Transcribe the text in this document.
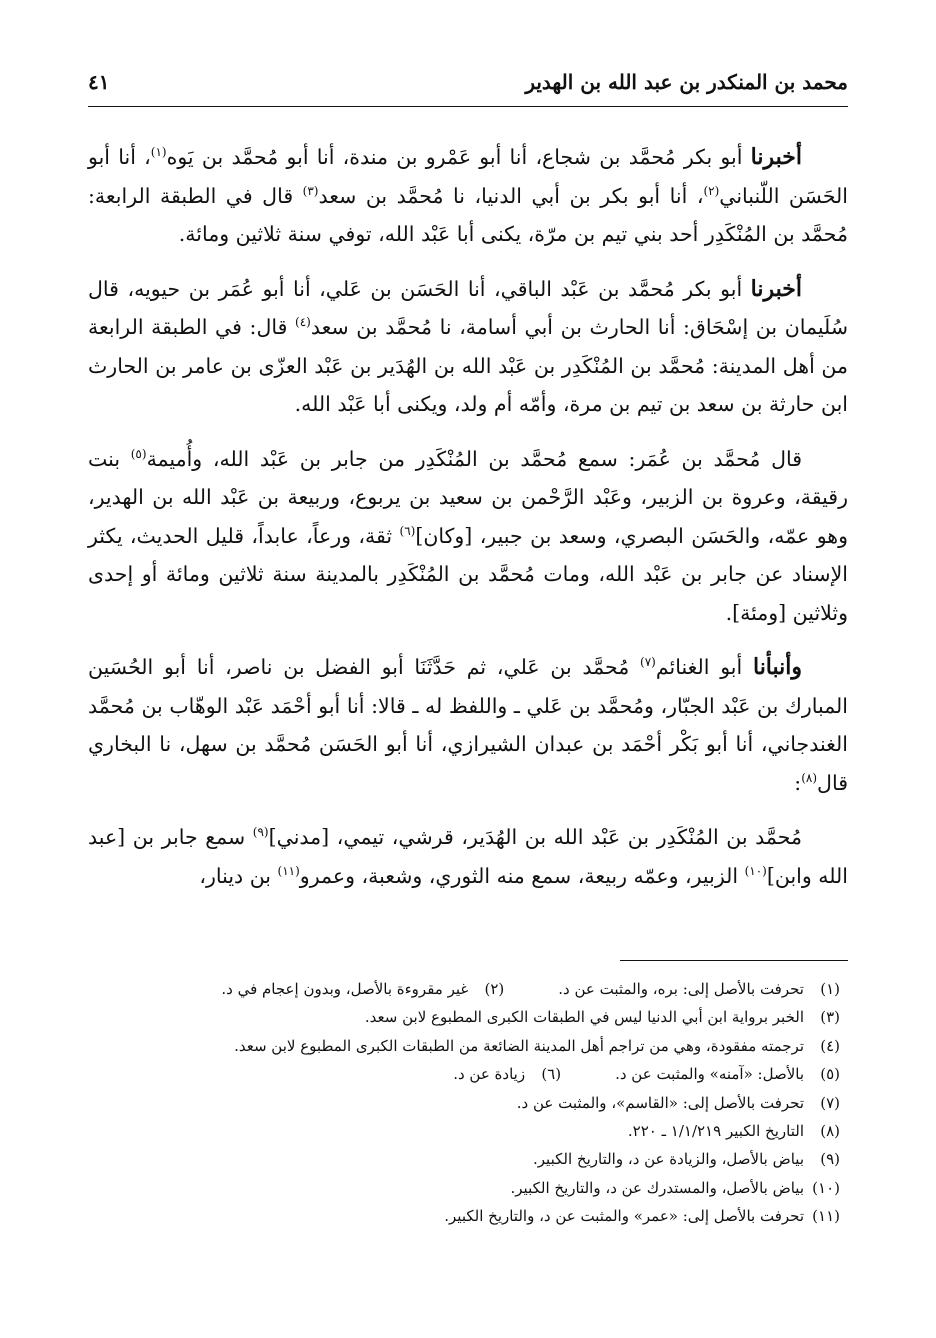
محمد بن المنكدر بن عبد الله بن الهدير
٤١

أخبرنا أبو بكر مُحمَّد بن شجاع، أنا أبو عَمْرو بن مندة، أنا أبو مُحمَّد بن يَوه$^{(١)}$، أنا أبو الحَسَن اللّنباني$^{(٢)}$، أنا أبو بكر بن أبي الدنيا، نا مُحمَّد بن سعد$^{(٣)}$ قال في الطبقة الرابعة: مُحمَّد بن المُنْكَدِر أحد بني تيم بن مرّة، يكنى أبا عَبْد الله، توفي سنة ثلاثين ومائة.

أخبرنا أبو بكر مُحمَّد بن عَبْد الباقي، أنا الحَسَن بن عَلي، أنا أبو عُمَر بن حيويه، قال سُلَيمان بن إسْحَاق: أنا الحارث بن أبي أسامة، نا مُحمَّد بن سعد$^{(٤)}$ قال: في الطبقة الرابعة من أهل المدينة: مُحمَّد بن المُنْكَدِر بن عَبْد الله بن الهُدَير بن عَبْد العزّى بن عامر بن الحارث ابن حارثة بن سعد بن تيم بن مرة، وأمّه أم ولد، ويكنى أبا عَبْد الله.

قال مُحمَّد بن عُمَر: سمع مُحمَّد بن المُنْكَدِر من جابر بن عَبْد الله، وأُميمة$^{(٥)}$ بنت رقيقة، وعروة بن الزبير، وعَبْد الرَّحْمن بن سعيد بن يربوع، وربيعة بن عَبْد الله بن الهدير، وهو عمّه، والحَسَن البصري، وسعد بن جبير، [وكان]$^{(٦)}$ ثقة، ورعاً، عابداً، قليل الحديث، يكثر الإسناد عن جابر بن عَبْد الله، ومات مُحمَّد بن المُنْكَدِر بالمدينة سنة ثلاثين ومائة أو إحدى وثلاثين [ومئة].

وأنبأنا أبو الغنائم$^{(٧)}$ مُحمَّد بن عَلي، ثم حَدَّثَنَا أبو الفضل بن ناصر، أنا أبو الحُسَين المبارك بن عَبْد الجبّار، ومُحمَّد بن عَلي ـ واللفظ له ـ قالا: أنا أبو أحْمَد عَبْد الوهّاب بن مُحمَّد الغندجاني، أنا أبو بَكْر أحْمَد بن عبدان الشيرازي، أنا أبو الحَسَن مُحمَّد بن سهل، نا البخاري قال$^{(٨)}$:

مُحمَّد بن المُنْكَدِر بن عَبْد الله بن الهُدَير، قرشي، تيمي، [مدني]$^{(٩)}$ سمع جابر بن [عبد الله وابن]$^{(١٠)}$ الزبير، وعمّه ربيعة، سمع منه الثوري، وشعبة، وعمرو$^{(١١)}$ بن دينار،

(١)تحرفت بالأصل إلى: بره، والمثبت عن د.(٢)غير مقروءة بالأصل، وبدون إعجام في د.
(٣)الخبر برواية ابن أبي الدنيا ليس في الطبقات الكبرى المطبوع لابن سعد.
(٤)ترجمته مفقودة، وهي من تراجم أهل المدينة الضائعة من الطبقات الكبرى المطبوع لابن سعد.
(٥)بالأصل: «آمنه» والمثبت عن د.(٦)زيادة عن د.
(٧)تحرفت بالأصل إلى: «القاسم»، والمثبت عن د.
(٨)التاريخ الكبير ١/١/٢١٩ ـ ٢٢٠.
(٩)بياض بالأصل، والزيادة عن د، والتاريخ الكبير.
(١٠)بياض بالأصل، والمستدرك عن د، والتاريخ الكبير.
(١١)تحرفت بالأصل إلى: «عمر» والمثبت عن د، والتاريخ الكبير.
